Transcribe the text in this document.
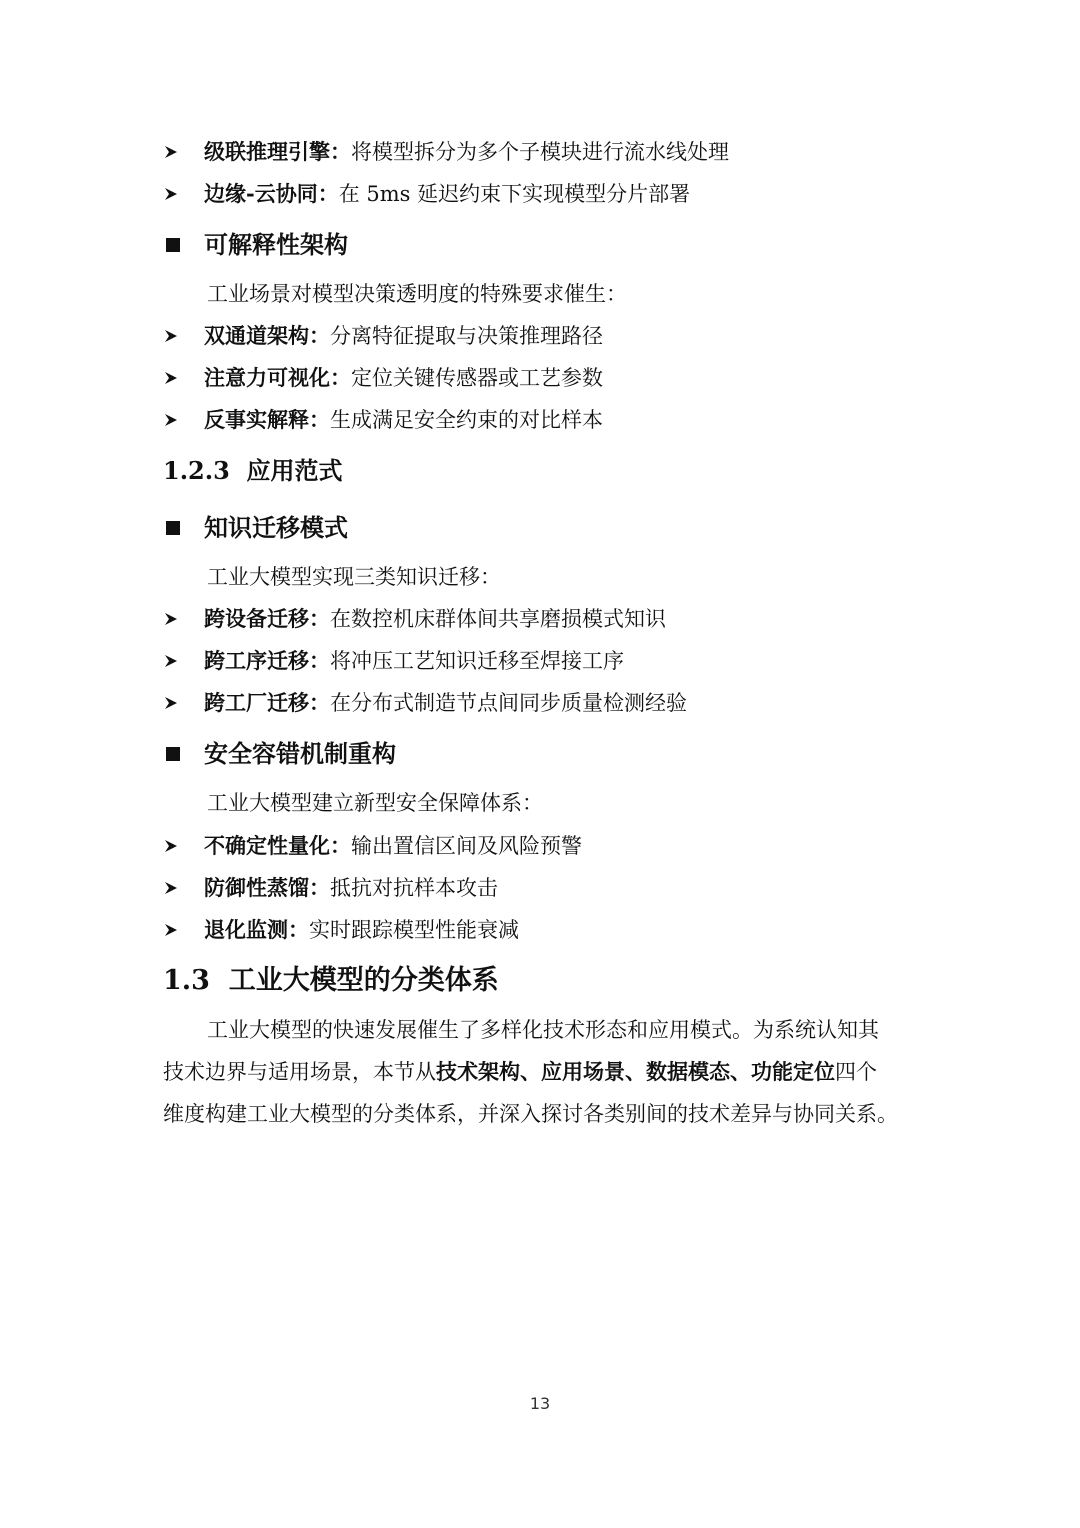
级联推理引擎：将模型拆分为多个子模块进行流水线处理
边缘-云协同：在 5ms 延迟约束下实现模型分片部署
可解释性架构
工业场景对模型决策透明度的特殊要求催生：
双通道架构：分离特征提取与决策推理路径
注意力可视化：定位关键传感器或工艺参数
反事实解释：生成满足安全约束的对比样本
1.2.3 应用范式
知识迁移模式
工业大模型实现三类知识迁移：
跨设备迁移：在数控机床群体间共享磨损模式知识
跨工序迁移：将冲压工艺知识迁移至焊接工序
跨工厂迁移：在分布式制造节点间同步质量检测经验
安全容错机制重构
工业大模型建立新型安全保障体系：
不确定性量化：输出置信区间及风险预警
防御性蒸馏：抵抗对抗样本攻击
退化监测：实时跟踪模型性能衰减
1.3 工业大模型的分类体系
工业大模型的快速发展催生了多样化技术形态和应用模式。为系统认知其
技术边界与适用场景，本节从技术架构、应用场景、数据模态、功能定位四个
维度构建工业大模型的分类体系，并深入探讨各类别间的技术差异与协同关系。
13
